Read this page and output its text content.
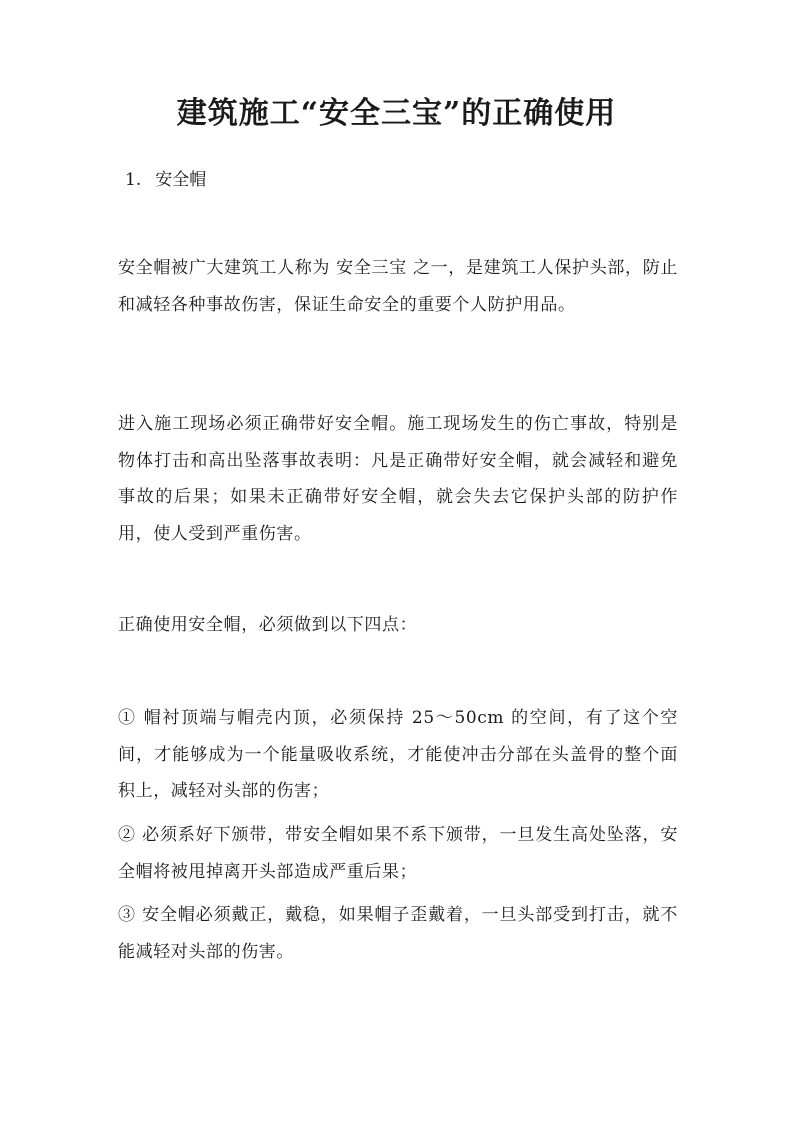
建筑施工“安全三宝”的正确使用

1. 安全帽

安全帽被广大建筑工人称为 安全三宝 之一，是建筑工人保护头部，防止和减轻各种事故伤害，保证生命安全的重要个人防护用品。

进入施工现场必须正确带好安全帽。施工现场发生的伤亡事故，特别是物体打击和高出坠落事故表明：凡是正确带好安全帽，就会减轻和避免事故的后果；如果未正确带好安全帽，就会失去它保护头部的防护作用，使人受到严重伤害。

正确使用安全帽，必须做到以下四点：

① 帽衬顶端与帽壳内顶，必须保持 25～50cm 的空间，有了这个空间，才能够成为一个能量吸收系统，才能使冲击分部在头盖骨的整个面积上，减轻对头部的伤害；

② 必须系好下颁带，带安全帽如果不系下颁带，一旦发生高处坠落，安全帽将被甩掉离开头部造成严重后果；

③ 安全帽必须戴正，戴稳，如果帽子歪戴着，一旦头部受到打击，就不能减轻对头部的伤害。
